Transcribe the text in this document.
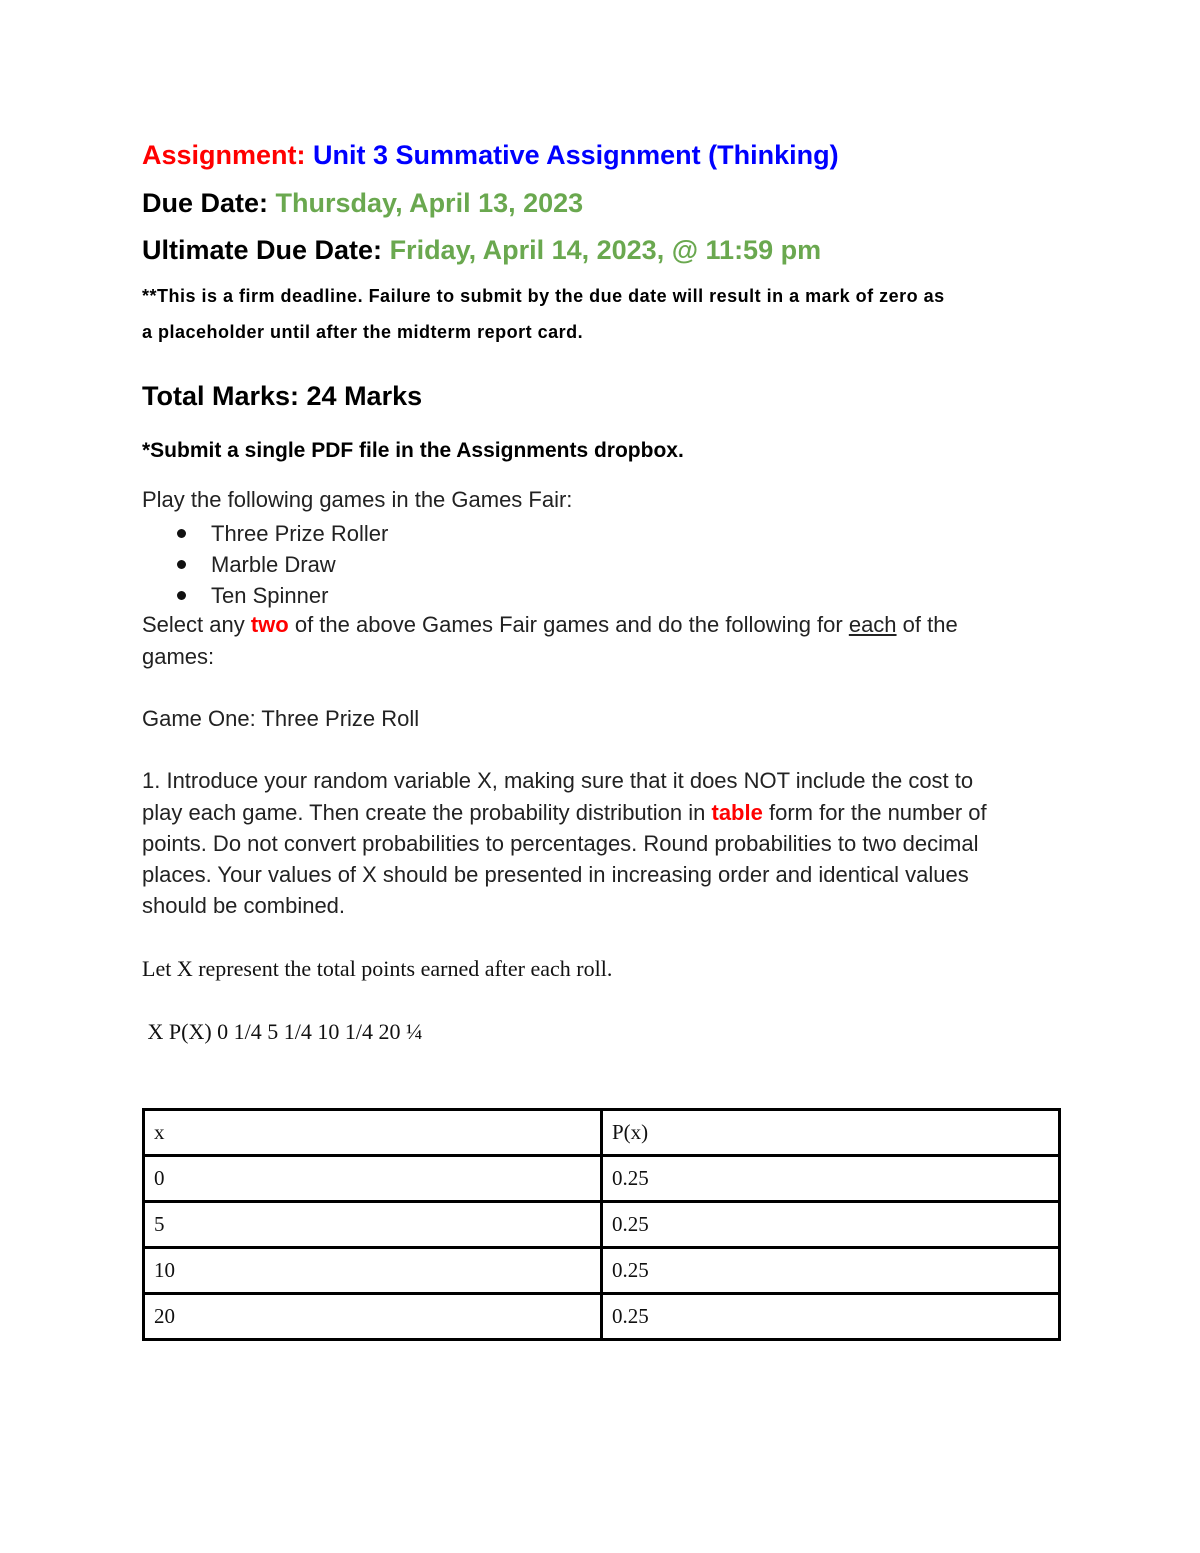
Assignment: Unit 3 Summative Assignment (Thinking)
Due Date: Thursday, April 13, 2023
Ultimate Due Date: Friday, April 14, 2023, @ 11:59 pm
**This is a firm deadline. Failure to submit by the due date will result in a mark of zero as
a placeholder until after the midterm report card.
Total Marks: 24 Marks
*Submit a single PDF file in the Assignments dropbox.
Play the following games in the Games Fair:
Three Prize Roller
Marble Draw
Ten Spinner
Select any two of the above Games Fair games and do the following for each of the
games:
Game One: Three Prize Roll
1. Introduce your random variable X, making sure that it does NOT include the cost to
play each game. Then create the probability distribution in table form for the number of
points. Do not convert probabilities to percentages. Round probabilities to two decimal
places. Your values of X should be presented in increasing order and identical values
should be combined.
Let X represent the total points earned after each roll.
X P(X) 0 1/4 5 1/4 10 1/4 20 ¼
x	P(x)
0	0.25
5	0.25
10	0.25
20	0.25
